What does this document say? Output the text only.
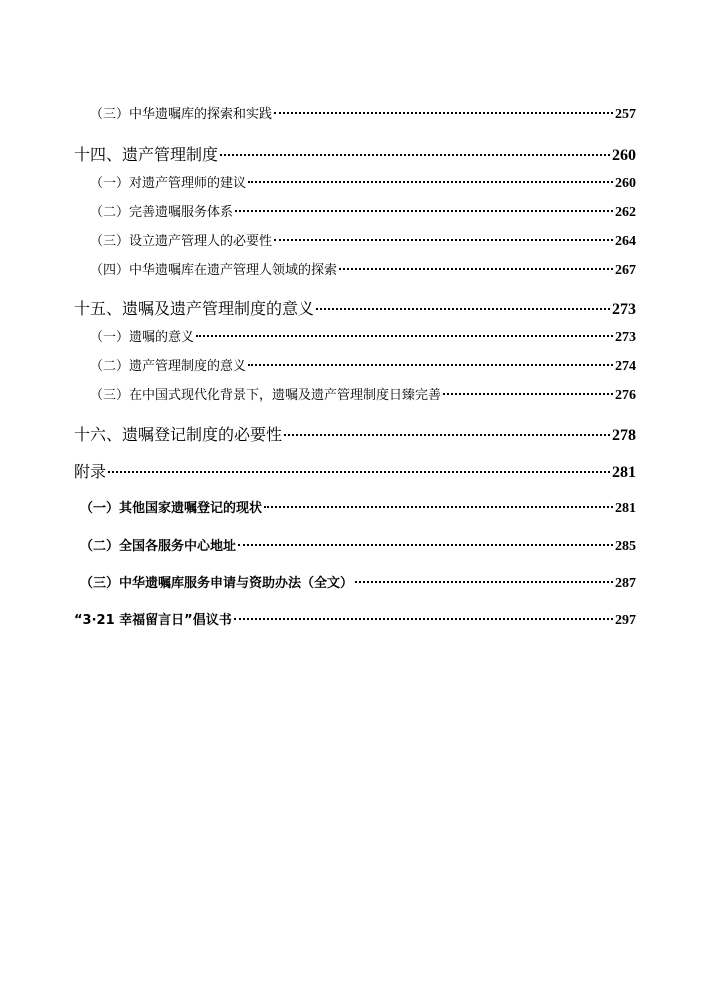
（三）中华遗嘱库的探索和实践	257
十四、遗产管理制度	260
（一）对遗产管理师的建议	260
（二）完善遗嘱服务体系	262
（三）设立遗产管理人的必要性	264
（四）中华遗嘱库在遗产管理人领域的探索	267
十五、遗嘱及遗产管理制度的意义	273
（一）遗嘱的意义	273
（二）遗产管理制度的意义	274
（三）在中国式现代化背景下，遗嘱及遗产管理制度日臻完善	276
十六、遗嘱登记制度的必要性	278
附录	281
（一）其他国家遗嘱登记的现状	281
（二）全国各服务中心地址	285
（三）中华遗嘱库服务申请与资助办法（全文）	287
“3·21 幸福留言日”倡议书	297
